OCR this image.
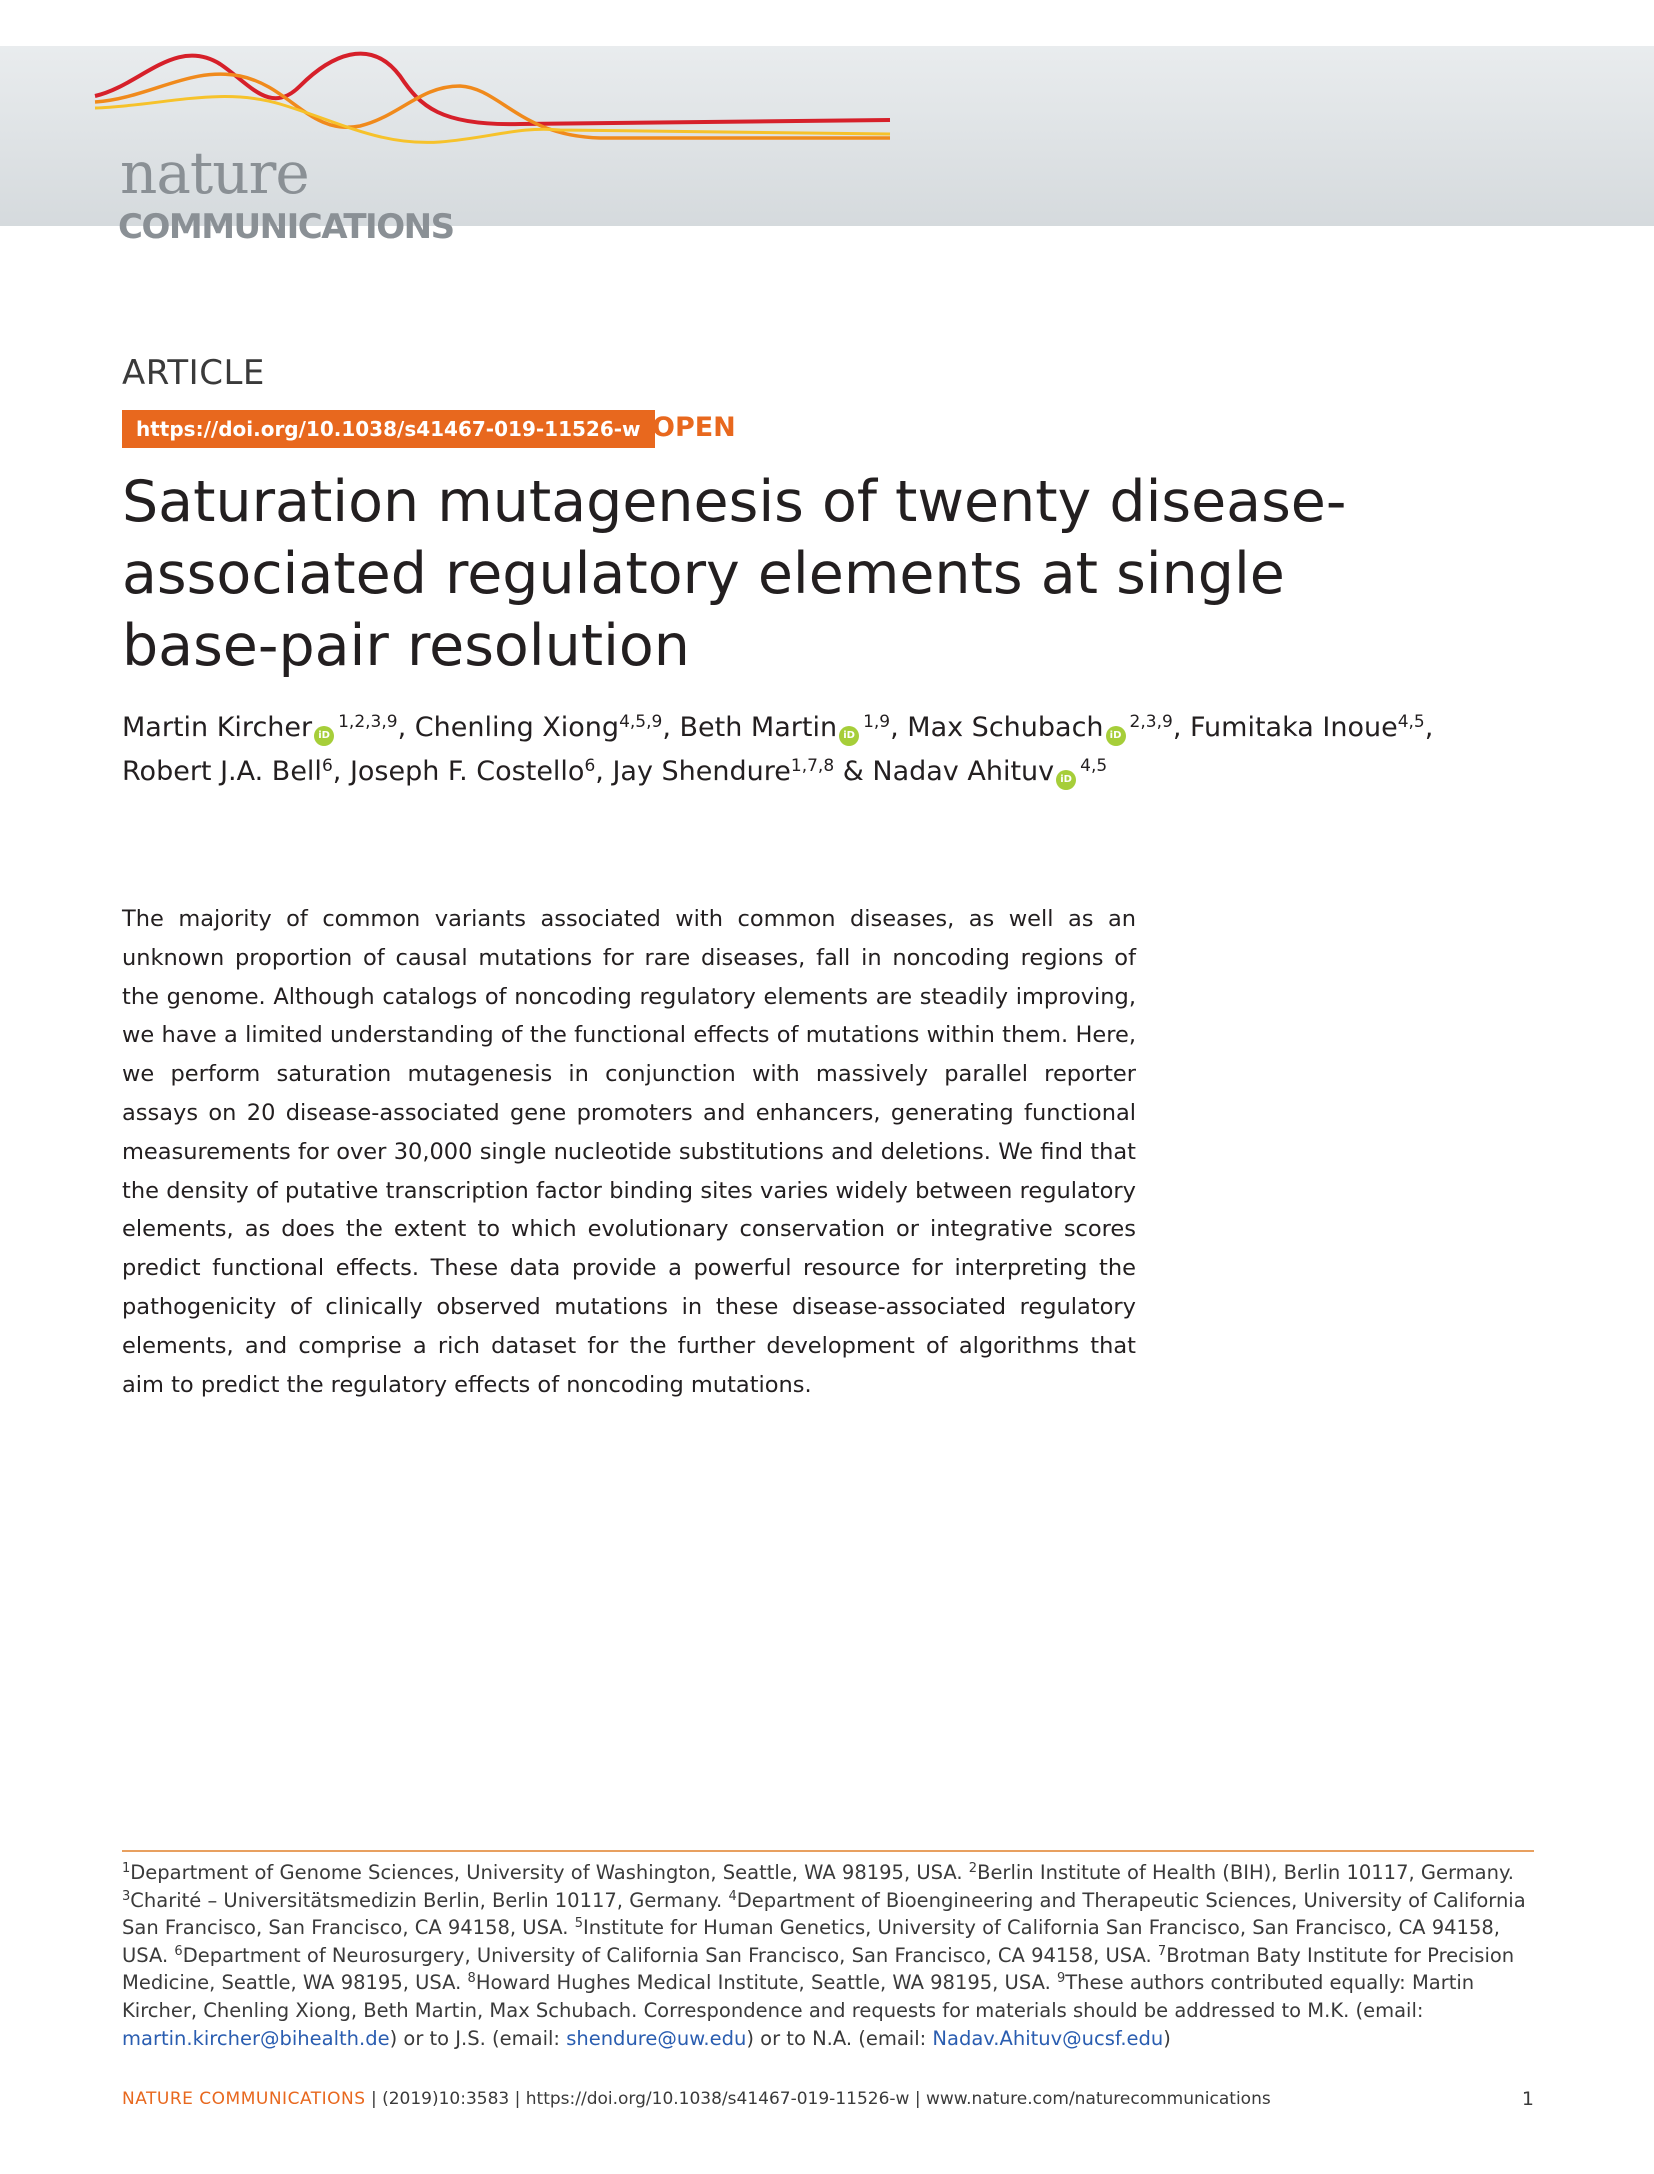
nature
COMMUNICATIONS
ARTICLE
https://doi.org/10.1038/s41467-019-11526-w OPEN
Saturation mutagenesis of twenty disease-associated regulatory elements at single base-pair resolution
Martin Kircher iD$^{1,2,3,9}$, Chenling Xiong$^{4,5,9}$, Beth Martin iD$^{1,9}$, Max Schubach iD$^{2,3,9}$, Fumitaka Inoue$^{4,5}$, Robert J.A. Bell$^6$, Joseph F. Costello$^6$, Jay Shendure$^{1,7,8}$ & Nadav Ahituv iD$^{4,5}$
The majority of common variants associated with common diseases, as well as an unknown proportion of causal mutations for rare diseases, fall in noncoding regions of the genome. Although catalogs of noncoding regulatory elements are steadily improving, we have a limited understanding of the functional effects of mutations within them. Here, we perform saturation mutagenesis in conjunction with massively parallel reporter assays on 20 disease-associated gene promoters and enhancers, generating functional measurements for over 30,000 single nucleotide substitutions and deletions. We find that the density of putative transcription factor binding sites varies widely between regulatory elements, as does the extent to which evolutionary conservation or integrative scores predict functional effects. These data provide a powerful resource for interpreting the pathogenicity of clinically observed mutations in these disease-associated regulatory elements, and comprise a rich dataset for the further development of algorithms that aim to predict the regulatory effects of noncoding mutations.
$^1$Department of Genome Sciences, University of Washington, Seattle, WA 98195, USA. $^2$Berlin Institute of Health (BIH), Berlin 10117, Germany. $^3$Charité – Universitätsmedizin Berlin, Berlin 10117, Germany. $^4$Department of Bioengineering and Therapeutic Sciences, University of California San Francisco, San Francisco, CA 94158, USA. $^5$Institute for Human Genetics, University of California San Francisco, San Francisco, CA 94158, USA. $^6$Department of Neurosurgery, University of California San Francisco, San Francisco, CA 94158, USA. $^7$Brotman Baty Institute for Precision Medicine, Seattle, WA 98195, USA. $^8$Howard Hughes Medical Institute, Seattle, WA 98195, USA. $^9$These authors contributed equally: Martin Kircher, Chenling Xiong, Beth Martin, Max Schubach. Correspondence and requests for materials should be addressed to M.K. (email: martin.kircher@bihealth.de) or to J.S. (email: shendure@uw.edu) or to N.A. (email: Nadav.Ahituv@ucsf.edu)
NATURE COMMUNICATIONS | (2019)10:3583 | https://doi.org/10.1038/s41467-019-11526-w | www.nature.com/naturecommunications	1
